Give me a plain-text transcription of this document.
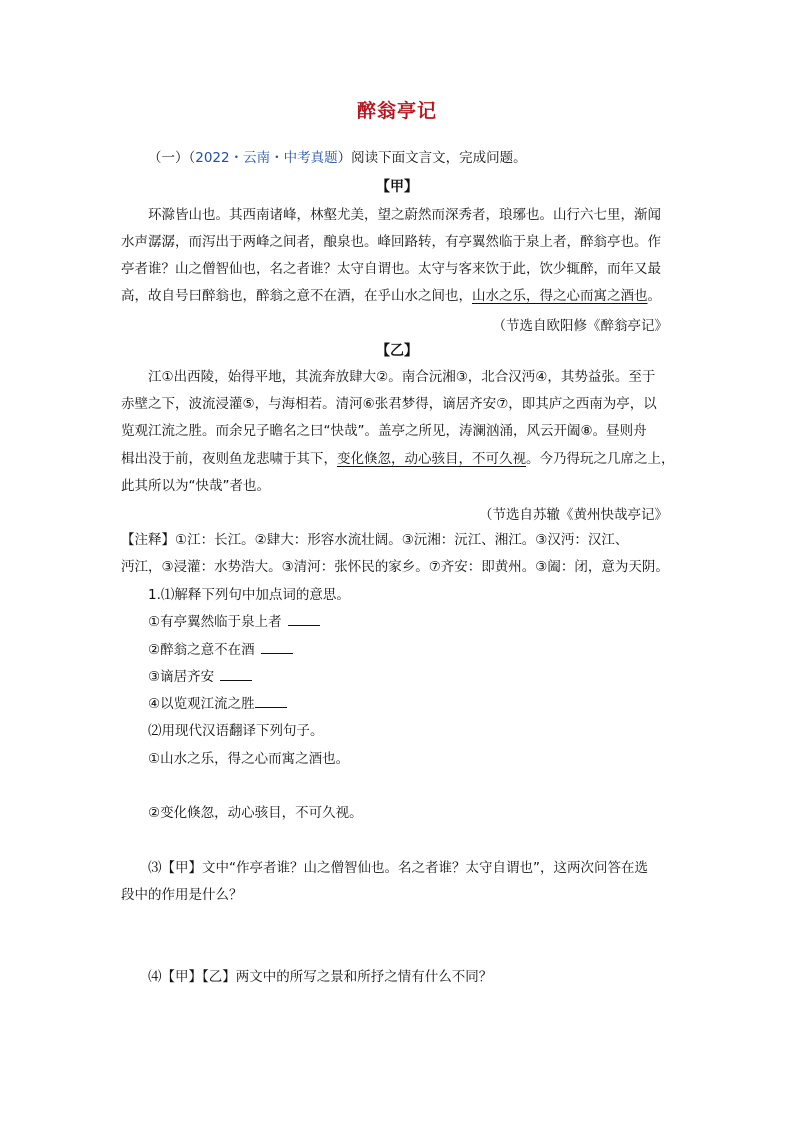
醉翁亭记
（一）（2022・云南・中考真题）阅读下面文言文，完成问题。
【甲】
环滁皆山也。其西南诸峰，林壑尤美，望之蔚然而深秀者，琅琊也。山行六七里，渐闻
水声潺潺，而泻出于两峰之间者，酿泉也。峰回路转，有亭翼然临于泉上者，醉翁亭也。作
亭者谁？山之僧智仙也，名之者谁？太守自谓也。太守与客来饮于此，饮少辄醉，而年又最
高，故自号曰醉翁也，醉翁之意不在酒，在乎山水之间也，山水之乐，得之心而寓之酒也。
（节选自欧阳修《醉翁亭记》
【乙】
江①出西陵，始得平地，其流奔放肆大②。南合沅湘③，北合汉沔④，其势益张。至于
赤壁之下，波流浸灌⑤，与海相若。清河⑥张君梦得，谪居齐安⑦，即其庐之西南为亭，以
览观江流之胜。而余兄子瞻名之曰“快哉”。盖亭之所见，涛澜汹涌，风云开阖⑧。昼则舟
楫出没于前，夜则鱼龙悲啸于其下，变化倏忽，动心骇目，不可久视。今乃得玩之几席之上，
此其所以为“快哉”者也。
（节选自苏辙《黄州快哉亭记》
【注释】①江：长江。②肆大：形容水流壮阔。③沅湘：沅江、湘江。③汉沔：汉江、
沔江，③浸灌：水势浩大。③清河：张怀民的家乡。⑦齐安：即黄州。③阖：闭，意为天阴。
1.⑴解释下列句中加点词的意思。
①有亭翼然临于泉上者
②醉翁之意不在酒
③谪居齐安
④以览观江流之胜
⑵用现代汉语翻译下列句子。
①山水之乐，得之心而寓之酒也。
②变化倏忽，动心骇目，不可久视。
⑶【甲】文中“作亭者谁？山之僧智仙也。名之者谁？太守自谓也”，这两次问答在选
段中的作用是什么？
⑷【甲】【乙】两文中的所写之景和所抒之情有什么不同？
